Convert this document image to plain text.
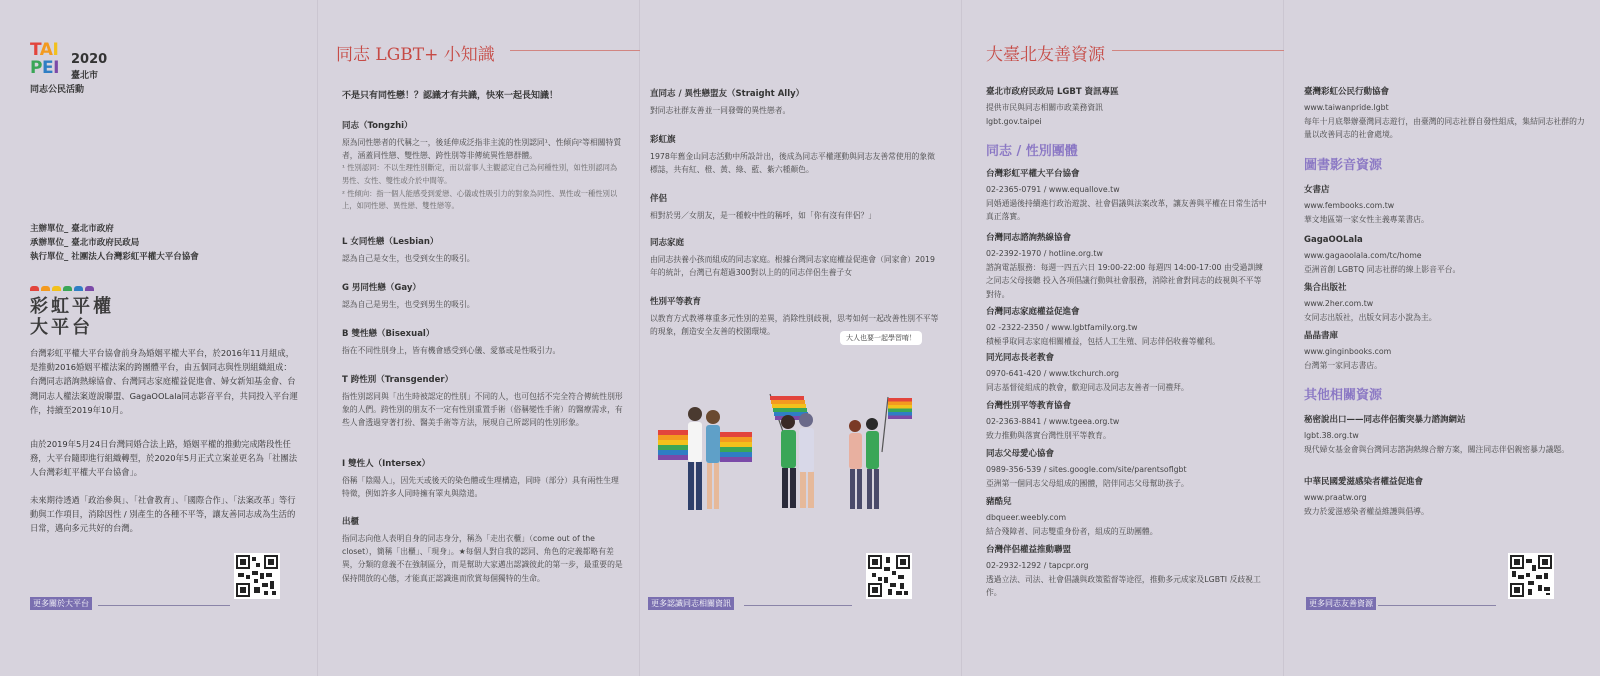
TAI
PEI 2020
臺北市
同志公民活動
主辦單位_ 臺北市政府
承辦單位_ 臺北市政府民政局
執行單位_ 社團法人台灣彩虹平權大平台協會
彩虹平權
大平台

台灣彩虹平權大平台協會前身為婚姻平權大平台，於2016年11月組成，是推動2016婚姻平權法案的跨團體平台，由五個同志與性別組織組成：台灣同志諮詢熱線協會、台灣同志家庭權益促進會、婦女新知基金會、台灣同志人權法案遊說聯盟、GagaOOLala同志影音平台，共同投入平台運作，持續至2019年10月。

由於2019年5月24日台灣同婚合法上路，婚姻平權的推動完成階段性任務，大平台隨即進行組織轉型，於2020年5月正式立案並更名為「社團法人台灣彩虹平權大平台協會」。

未來期待透過「政治參與」、「社會教育」、「國際合作」、「法案改革」等行動與工作項目，消除因性 / 別產生的各種不平等，讓友善同志成為生活的日常，邁向多元共好的台灣。

更多關於大平台
同志 LGBT+ 小知識
不是只有同性戀！？認識才有共識，快來一起長知識！
同志（Tongzhi）
原為同性戀者的代稱之一，後延伸成泛指非主流的性別認同¹、性傾向²等相關特質者，涵蓋同性戀、雙性戀、跨性別等非傳統異性戀群體。
¹ 性別認同：不以生理性別斷定，而以當事人主觀認定自己為何種性別，如性別認同為男性、女性、雙性或介於中間等。
² 性傾向：指一個人能感受到愛戀、心儀或性吸引力的對象為同性、異性或一種性別以上，如同性戀、異性戀、雙性戀等。
L 女同性戀（Lesbian）
認為自己是女生，也受到女生的吸引。
G 男同性戀（Gay）
認為自己是男生，也受到男生的吸引。
B 雙性戀（Bisexual）
指在不同性別身上，皆有機會感受到心儀、愛慕或是性吸引力。
T 跨性別（Transgender）
指性別認同與「出生時被認定的性別」不同的人，也可包括不完全符合傳統性別形象的人們。跨性別的朋友不一定有性別重置手術（俗稱變性手術）的醫療需求，有些人會透過穿著打扮、醫美手術等方法，展現自己所認同的性別形象。
I 雙性人（Intersex）
俗稱「陰陽人」，因先天或後天的染色體或生理構造，同時（部分）具有兩性生理特徵，例如許多人同時擁有睪丸與陰道。
出櫃
指同志向他人表明自身的同志身分，稱為「走出衣櫃」（come out of the closet），簡稱「出櫃」、「現身」。★每個人對自我的認同、角色的定義都略有差異，分類的意義不在強制區分，而是幫助大家邁出認識彼此的第一步，最重要的是保持開放的心態，才能真正認識進而欣賞每個獨特的生命。
直同志 / 異性戀盟友（Straight Ally）
對同志社群友善並一同發聲的異性戀者。
彩虹旗
1978年舊金山同志活動中所設計出，後成為同志平權運動與同志友善常使用的象徵標誌，共有紅、橙、黃、綠、藍、紫六種顏色。
伴侶
相對於男／女朋友，是一種較中性的稱呼，如「你有沒有伴侶？」
同志家庭
由同志扶養小孩而組成的同志家庭。根據台灣同志家庭權益促進會（同家會）2019年的統計，台灣已有超過300對以上的的同志伴侶生養子女
性別平等教育
以教育方式教導尊重多元性別的差異，消除性別歧視，思考如何一起改善性別不平等的現象，創造安全友善的校園環境。
大人也要一起學習唷！
更多認識同志相關資訊
大臺北友善資源
臺北市政府民政局 LGBT 資訊專區
提供市民與同志相關市政業務資訊
lgbt.gov.taipei
同志 / 性別團體
台灣彩虹平權大平台協會
02-2365-0791 / www.equallove.tw
同婚通過後持續進行政治遊說、社會倡議與法案改革，讓友善與平權在日常生活中真正落實。
台灣同志諮詢熱線協會
02-2392-1970 / hotline.org.tw
諮詢電話服務：每週一四五六日 19:00-22:00 每週四 14:00-17:00 由受過訓練之同志父母接聽 投入各項倡議行動與社會服務，消除社會對同志的歧視與不平等對待。
台灣同志家庭權益促進會
02 -2322-2350 / www.lgbtfamily.org.tw
積極爭取同志家庭相關權益，包括人工生殖、同志伴侶收養等權利。
同光同志長老教會
0970-641-420 / www.tkchurch.org
同志基督徒組成的教會，歡迎同志及同志友善者一同禮拜。
台灣性別平等教育協會
02-2363-8841 / www.tgeea.org.tw
致力推動與落實台灣性別平等教育。
同志父母愛心協會
0989-356-539 / sites.google.com/site/parentsoflgbt
亞洲第一個同志父母組成的團體，陪伴同志父母幫助孩子。
豬酷兒
dbqueer.weebly.com
結合殘障者、同志雙重身份者，組成的互助團體。
台灣伴侶權益推動聯盟
02-2932-1292 / tapcpr.org
透過立法、司法、社會倡議與政策監督等途徑，推動多元成家及LGBTI 反歧視工作。
臺灣彩虹公民行動協會
www.taiwanpride.lgbt
每年十月底舉辦臺灣同志遊行，由臺灣的同志社群自發性組成，集結同志社群的力量以改善同志的社會處境。
圖書影音資源
女書店
www.fembooks.com.tw
華文地區第一家女性主義專業書店。
GagaOOLala
www.gagaoolala.com/tc/home
亞洲首創 LGBTQ 同志社群的線上影音平台。
集合出版社
www.2her.com.tw
女同志出版社，出版女同志小說為主。
晶晶書庫
www.ginginbooks.com
台灣第一家同志書店。
其他相關資源
秘密說出口——同志伴侶衝突暴力諮詢網站
lgbt.38.org.tw
現代婦女基金會與台灣同志諮詢熱線合辦方案，關注同志伴侶親密暴力議題。
中華民國愛滋感染者權益促進會
www.praatw.org
致力於愛滋感染者權益維護與倡導。
更多同志友善資源
